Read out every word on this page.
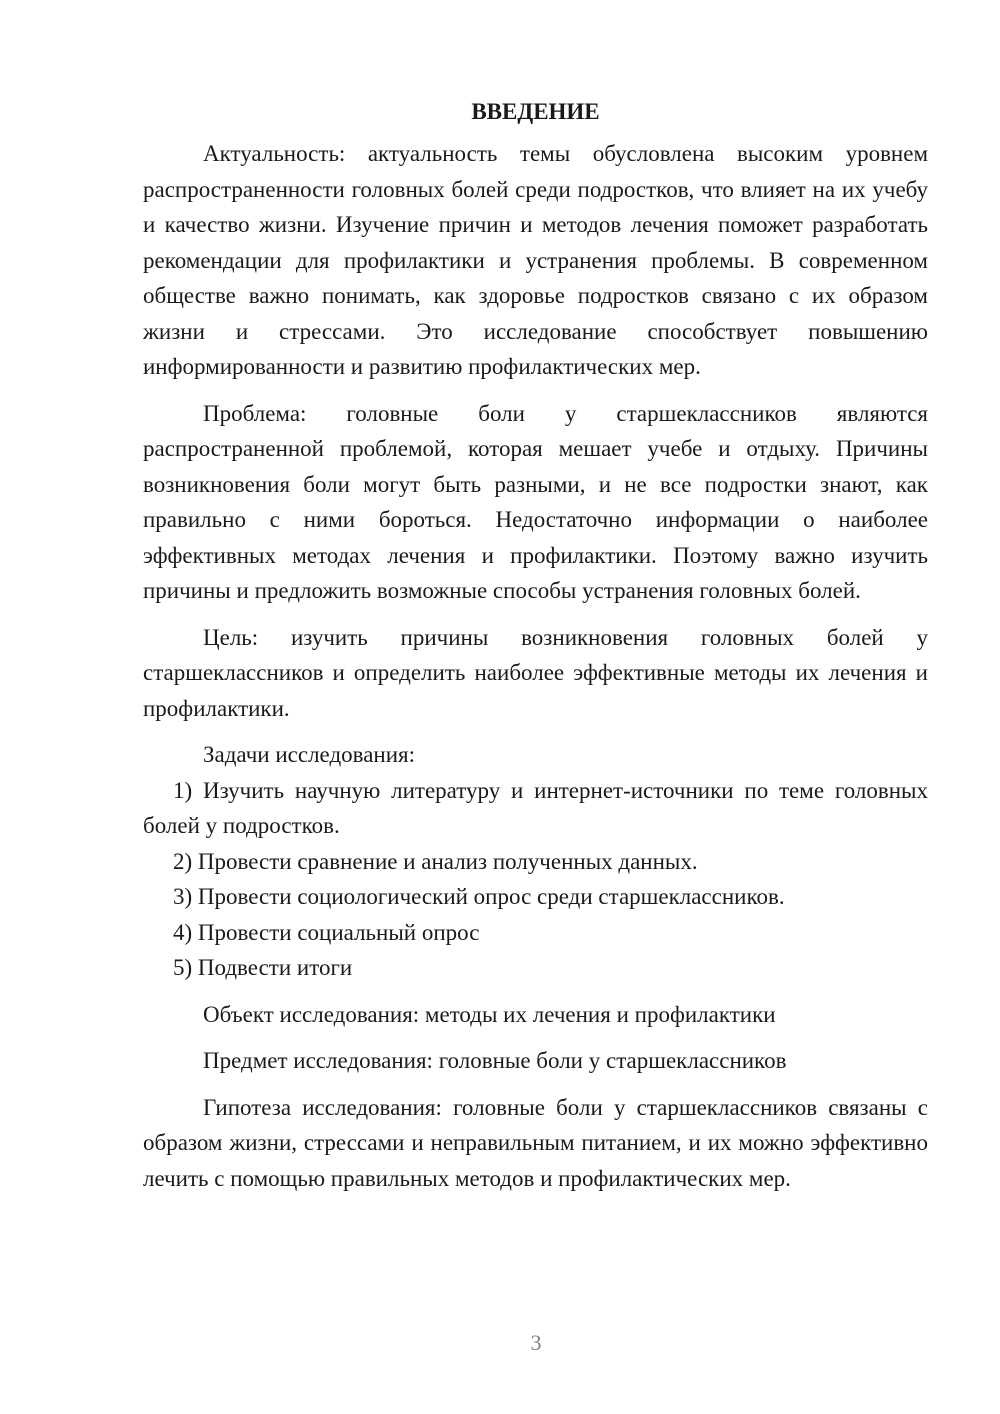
ВВЕДЕНИЕ

Актуальность: актуальность темы обусловлена высоким уровнем распространенности головных болей среди подростков, что влияет на их учебу и качество жизни. Изучение причин и методов лечения поможет разработать рекомендации для профилактики и устранения проблемы. В современном обществе важно понимать, как здоровье подростков связано с их образом жизни и стрессами. Это исследование способствует повышению информированности и развитию профилактических мер.

Проблема: головные боли у старшеклассников являются распространенной проблемой, которая мешает учебе и отдыху. Причины возникновения боли могут быть разными, и не все подростки знают, как правильно с ними бороться. Недостаточно информации о наиболее эффективных методах лечения и профилактики. Поэтому важно изучить причины и предложить возможные способы устранения головных болей.

Цель: изучить причины возникновения головных болей у старшеклассников и определить наиболее эффективные методы их лечения и профилактики.

Задачи исследования:

1) Изучить научную литературу и интернет-источники по теме головных болей у подростков.

2) Провести сравнение и анализ полученных данных.

3) Провести социологический опрос среди старшеклассников.

4) Провести социальный опрос

5) Подвести итоги

Объект исследования: методы их лечения и профилактики

Предмет исследования: головные боли у старшеклассников

Гипотеза исследования: головные боли у старшеклассников связаны с образом жизни, стрессами и неправильным питанием, и их можно эффективно лечить с помощью правильных методов и профилактических мер.

3
